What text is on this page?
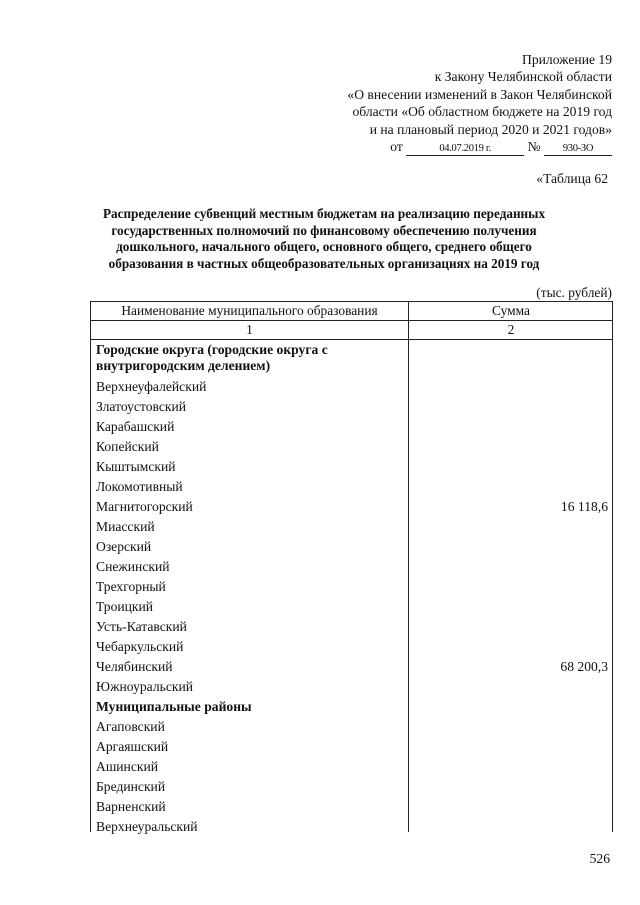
Приложение 19
к Закону Челябинской области
«О внесении изменений в Закон Челябинской
области «Об областном бюджете на 2019 год
и на плановый период 2020 и 2021 годов»
от	04.07.2019 г.	№ 930-ЗО
«Таблица 62
Распределение субвенций местным бюджетам на реализацию переданных государственных полномочий по финансовому обеспечению получения дошкольного, начального общего, основного общего, среднего общего образования в частных общеобразовательных организациях на 2019 год
(тыс. рублей)
Наименование муниципального образования	Сумма
1	2
Городские округа (городские округа с внутригородским делением)
Верхнеуфалейский
Златоустовский
Карабашский
Копейский
Кыштымский
Локомотивный
Магнитогорский	16 118,6
Миасский
Озерский
Снежинский
Трехгорный
Троицкий
Усть-Катавский
Чебаркульский
Челябинский	68 200,3
Южноуральский
Муниципальные районы
Агаповский
Аргаяшский
Ашинский
Брединский
Варненский
Верхнеуральский
526
